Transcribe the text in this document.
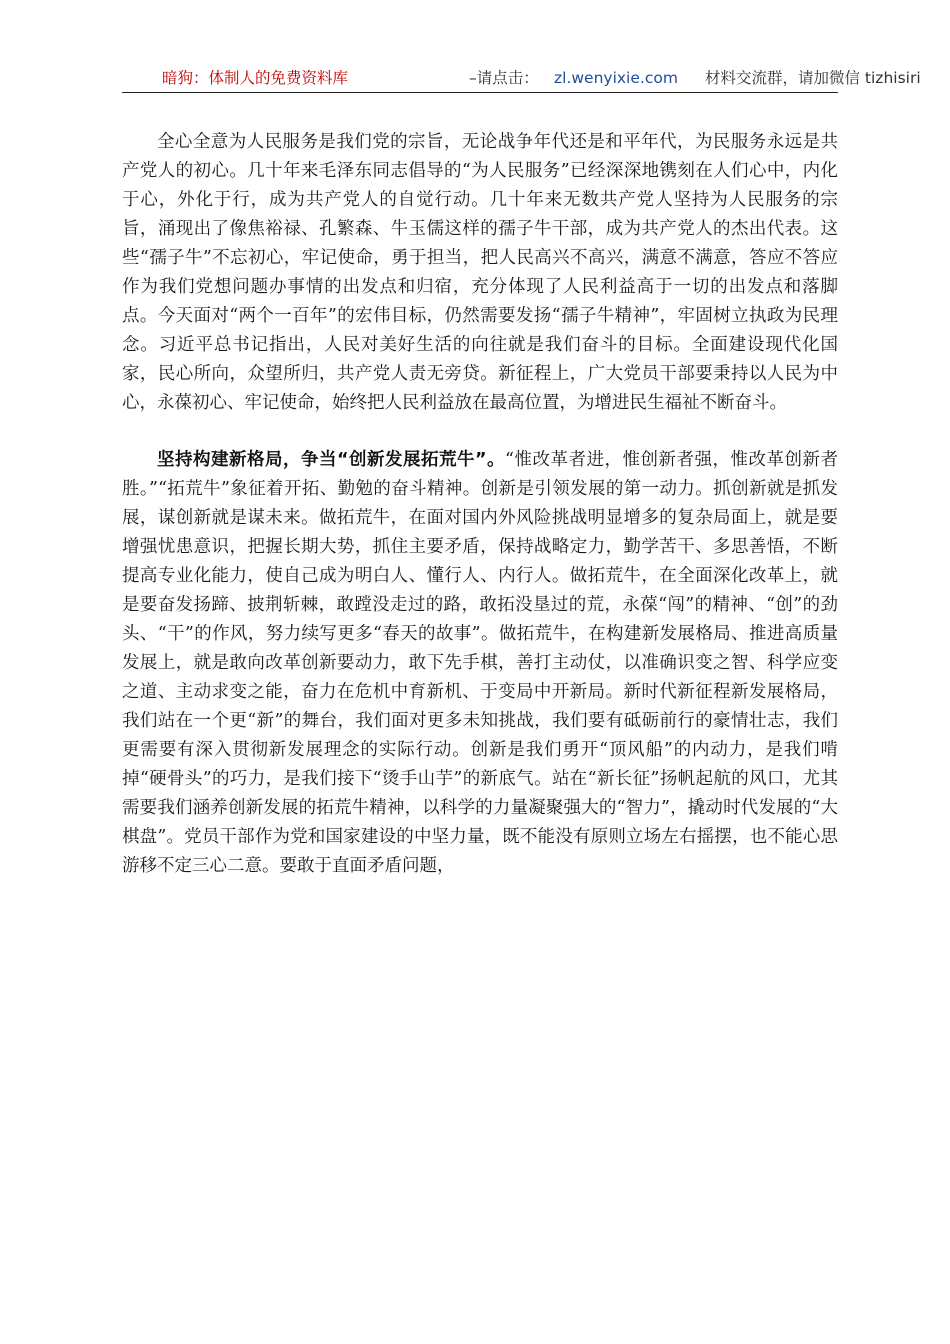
暗狗：体制人的免费资料库	–请点击： zl.wenyixie.com 材料交流群，请加微信 tizhisiri

全心全意为人民服务是我们党的宗旨，无论战争年代还是和平年代，为民服务永远是共产党人的初心。几十年来毛泽东同志倡导的“为人民服务”已经深深地镌刻在人们心中，内化于心，外化于行，成为共产党人的自觉行动。几十年来无数共产党人坚持为人民服务的宗旨，涌现出了像焦裕禄、孔繁森、牛玉儒这样的孺子牛干部，成为共产党人的杰出代表。这些“孺子牛”不忘初心，牢记使命，勇于担当，把人民高兴不高兴，满意不满意，答应不答应作为我们党想问题办事情的出发点和归宿，充分体现了人民利益高于一切的出发点和落脚点。今天面对“两个一百年”的宏伟目标，仍然需要发扬“孺子牛精神”，牢固树立执政为民理念。习近平总书记指出，人民对美好生活的向往就是我们奋斗的目标。全面建设现代化国家，民心所向，众望所归，共产党人责无旁贷。新征程上，广大党员干部要秉持以人民为中心，永葆初心、牢记使命，始终把人民利益放在最高位置，为增进民生福祉不断奋斗。

坚持构建新格局，争当“创新发展拓荒牛”。“惟改革者进，惟创新者强，惟改革创新者胜。”“拓荒牛”象征着开拓、勤勉的奋斗精神。创新是引领发展的第一动力。抓创新就是抓发展，谋创新就是谋未来。做拓荒牛，在面对国内外风险挑战明显增多的复杂局面上，就是要增强忧患意识，把握长期大势，抓住主要矛盾，保持战略定力，勤学苦干、多思善悟，不断提高专业化能力，使自己成为明白人、懂行人、内行人。做拓荒牛，在全面深化改革上，就是要奋发扬蹄、披荆斩棘，敢蹚没走过的路，敢拓没垦过的荒，永葆“闯”的精神、“创”的劲头、“干”的作风，努力续写更多“春天的故事”。做拓荒牛，在构建新发展格局、推进高质量发展上，就是敢向改革创新要动力，敢下先手棋，善打主动仗，以准确识变之智、科学应变之道、主动求变之能，奋力在危机中育新机、于变局中开新局。新时代新征程新发展格局，我们站在一个更“新”的舞台，我们面对更多未知挑战，我们要有砥砺前行的豪情壮志，我们更需要有深入贯彻新发展理念的实际行动。创新是我们勇开“顶风船”的内动力，是我们啃掉“硬骨头”的巧力，是我们接下“烫手山芋”的新底气。站在“新长征”扬帆起航的风口，尤其需要我们涵养创新发展的拓荒牛精神，以科学的力量凝聚强大的“智力”，撬动时代发展的“大棋盘”。党员干部作为党和国家建设的中坚力量，既不能没有原则立场左右摇摆，也不能心思游移不定三心二意。要敢于直面矛盾问题，
